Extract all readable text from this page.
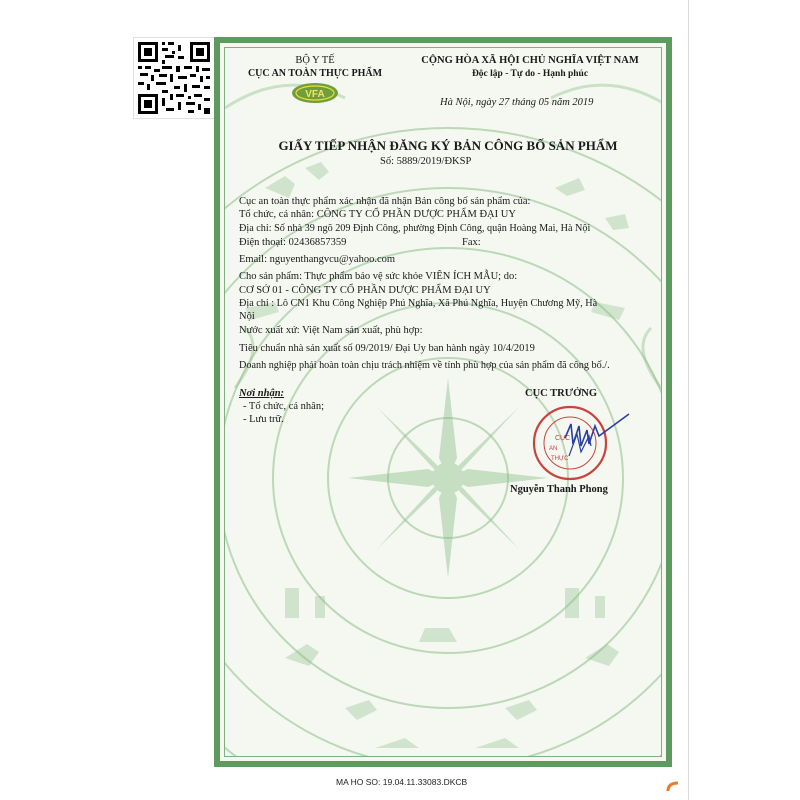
VFA
CỤC
AN
THỰC
BỘ Y TẾ
CỤC AN TOÀN THỰC PHẨM
CỘNG HÒA XÃ HỘI CHỦ NGHĨA VIỆT NAM
Độc lập - Tự do - Hạnh phúc
Hà Nội, ngày 27 tháng 05 năm 2019
GIẤY TIẾP NHẬN ĐĂNG KÝ BẢN CÔNG BỐ SẢN PHẨM
Số: 5889/2019/ĐKSP
Cục an toàn thực phẩm xác nhận đã nhận Bản công bố sản phẩm của:
Tổ chức, cá nhân: CÔNG TY CỔ PHẦN DƯỢC PHẨM ĐẠI UY
Địa chỉ: Số nhà 39 ngõ 209 Định Công, phường Định Công, quận Hoàng Mai, Hà Nội
Điện thoại: 02436857359	Fax:
Email: nguyenthangvcu@yahoo.com
Cho sản phẩm: Thực phẩm bảo vệ sức khỏe VIÊN ÍCH MẪU; do:
CƠ SỞ 01 - CÔNG TY CỔ PHẦN DƯỢC PHẨM ĐẠI UY
Địa chỉ : Lô CN1 Khu Công Nghiệp Phú Nghĩa, Xã Phú Nghĩa, Huyện Chương Mỹ, Hà
Nội
Nước xuất xứ: Việt Nam sản xuất, phù hợp:
Tiêu chuẩn nhà sản xuất số 09/2019/ Đại Uy ban hành ngày 10/4/2019
Doanh nghiệp phải hoàn toàn chịu trách nhiệm về tính phù hợp của sản phẩm đã công bố./.
Nơi nhận:
- Tổ chức, cá nhân;
- Lưu trữ.
CỤC TRƯỞNG
Nguyễn Thanh Phong
MA HO SO: 19.04.11.33083.DKCB
